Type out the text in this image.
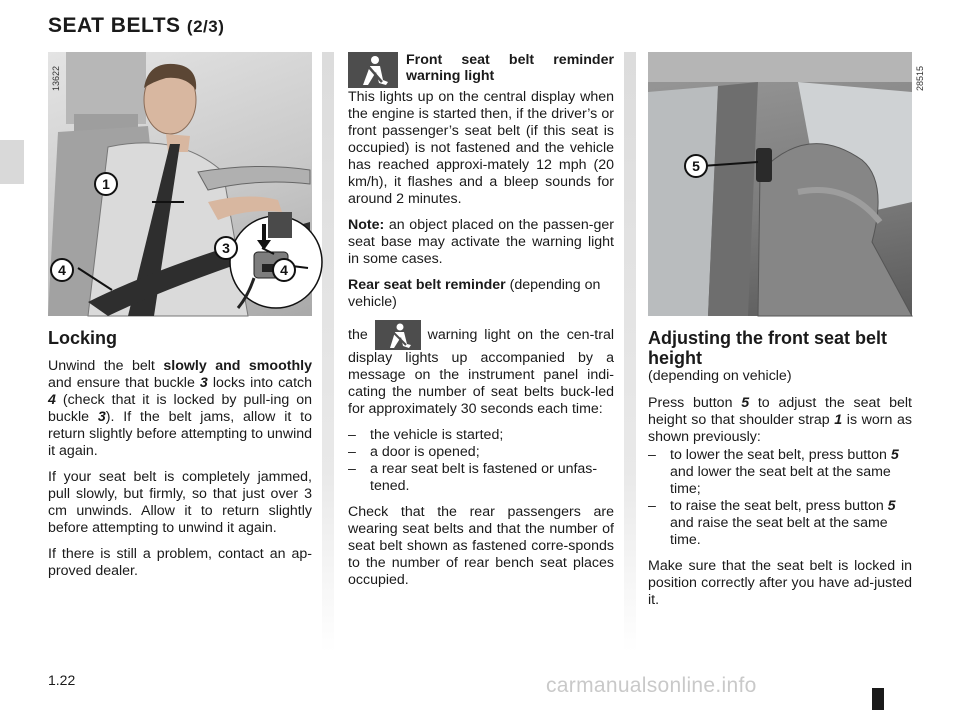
SEAT BELTS (2/3)
1
3
4	4
13622
Locking

Unwind the belt slowly and smoothly and ensure that buckle 3 locks into catch 4 (check that it is locked by pull-ing on buckle 3). If the belt jams, allow it to return slightly before attempting to unwind it again.

If your seat belt is completely jammed, pull slowly, but firmly, so that just over 3 cm unwinds. Allow it to return slightly before attempting to unwind it again.

If there is still a problem, contact an ap-proved dealer.

Front seat belt reminder warning light

This lights up on the central display when the engine is started then, if the driver’s or front passenger’s seat belt (if this seat is occupied) is not fastened and the vehicle has reached approxi-mately 12 mph (20 km/h), it flashes and a bleep sounds for around 2 minutes.

Note: an object placed on the passen-ger seat base may activate the warning light in some cases.

Rear seat belt reminder (depending on vehicle)

the	warning light on the cen-tral display lights up accompanied by a message on the instrument panel indi-cating the number of seat belts buck-led for approximately 30 seconds each time:

– the vehicle is started;
– a door is opened;
– a rear seat belt is fastened or unfas-tened.

Check that the rear passengers are wearing seat belts and that the number of seat belt shown as fastened corre-sponds to the number of rear bench seat places occupied.

5
28515
Adjusting the front seat belt height

(depending on vehicle)

Press button 5 to adjust the seat belt height so that shoulder strap 1 is worn as shown previously:

– to lower the seat belt, press button 5 and lower the seat belt at the same time;
– to raise the seat belt, press button 5 and raise the seat belt at the same time.

Make sure that the seat belt is locked in position correctly after you have ad-justed it.

1.22	carmanualsonline.info
